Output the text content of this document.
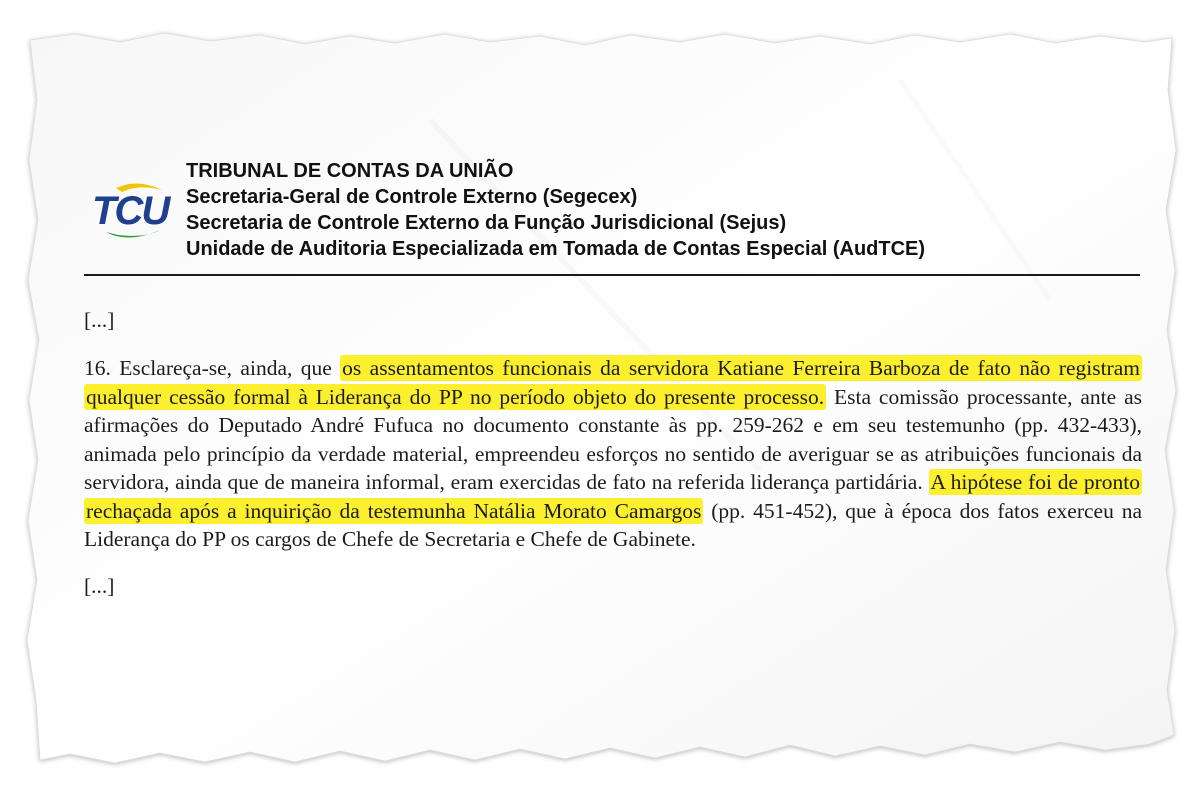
TCU
TRIBUNAL DE CONTAS DA UNIÃO
Secretaria-Geral de Controle Externo (Segecex)
Secretaria de Controle Externo da Função Jurisdicional (Sejus)
Unidade de Auditoria Especializada em Tomada de Contas Especial (AudTCE)

[...]

16. Esclareça-se, ainda, que os assentamentos funcionais da servidora Katiane Ferreira Barboza de fato não registram qualquer cessão formal à Liderança do PP no período objeto do presente processo. Esta comissão processante, ante as afirmações do Deputado André Fufuca no documento constante às pp. 259-262 e em seu testemunho (pp. 432-433), animada pelo princípio da verdade material, empreendeu esforços no sentido de averiguar se as atribuições funcionais da servidora, ainda que de maneira informal, eram exercidas de fato na referida liderança partidária. A hipótese foi de pronto rechaçada após a inquirição da testemunha Natália Morato Camargos (pp. 451-452), que à época dos fatos exerceu na Liderança do PP os cargos de Chefe de Secretaria e Chefe de Gabinete.

[...]
